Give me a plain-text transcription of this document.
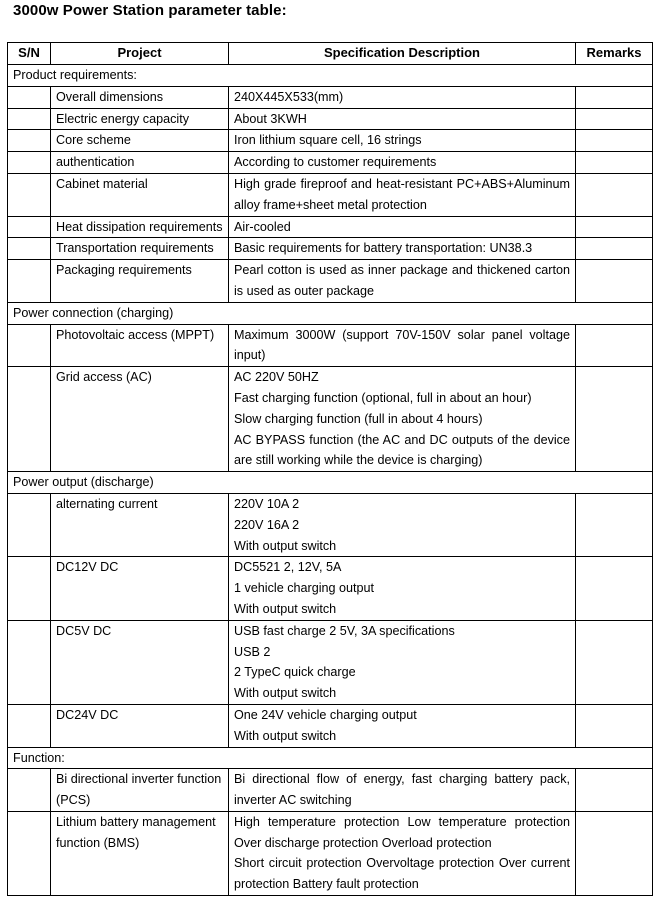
3000w Power Station parameter table:
S/N	Project	Specification Description	Remarks
Product requirements:			
	Overall dimensions	240X445X533(mm)	

	Electric energy capacity	About 3KWH	

	Core scheme	Iron lithium square cell, 16 strings	

	authentication	According to customer requirements	

	Cabinet material	High grade fireproof and heat-resistant PC+ABS+Aluminum alloy frame+sheet metal protection	

	Heat dissipation requirements	Air-cooled	

	Transportation requirements	Basic requirements for battery transportation: UN38.3	

	Packaging requirements	Pearl cotton is used as inner package and thickened carton is used as outer package	

Power connection (charging)			
	Photovoltaic access (MPPT)	Maximum 3000W (support 70V-150V solar panel voltage input)	

	Grid access (AC)	AC 220V 50HZ
Fast charging function (optional, full in about an hour)
Slow charging function (full in about 4 hours)
AC BYPASS function (the AC and DC outputs of the device are still working while the device is charging)	

Power output (discharge)			
	alternating current	220V 10A 2
220V 16A 2
With output switch	

	DC12V DC	DC5521 2, 12V, 5A
1 vehicle charging output
With output switch	

	DC5V DC	USB fast charge 2 5V, 3A specifications
USB 2
2 TypeC quick charge
With output switch	

	DC24V DC	One 24V vehicle charging output
With output switch	

Function:			
	Bi directional inverter function (PCS)	Bi directional flow of energy, fast charging battery pack, inverter AC switching	

	Lithium battery management function (BMS)	High temperature protection Low temperature protection Over discharge protection Overload protection
Short circuit protection Overvoltage protection Over current protection Battery fault protection	
